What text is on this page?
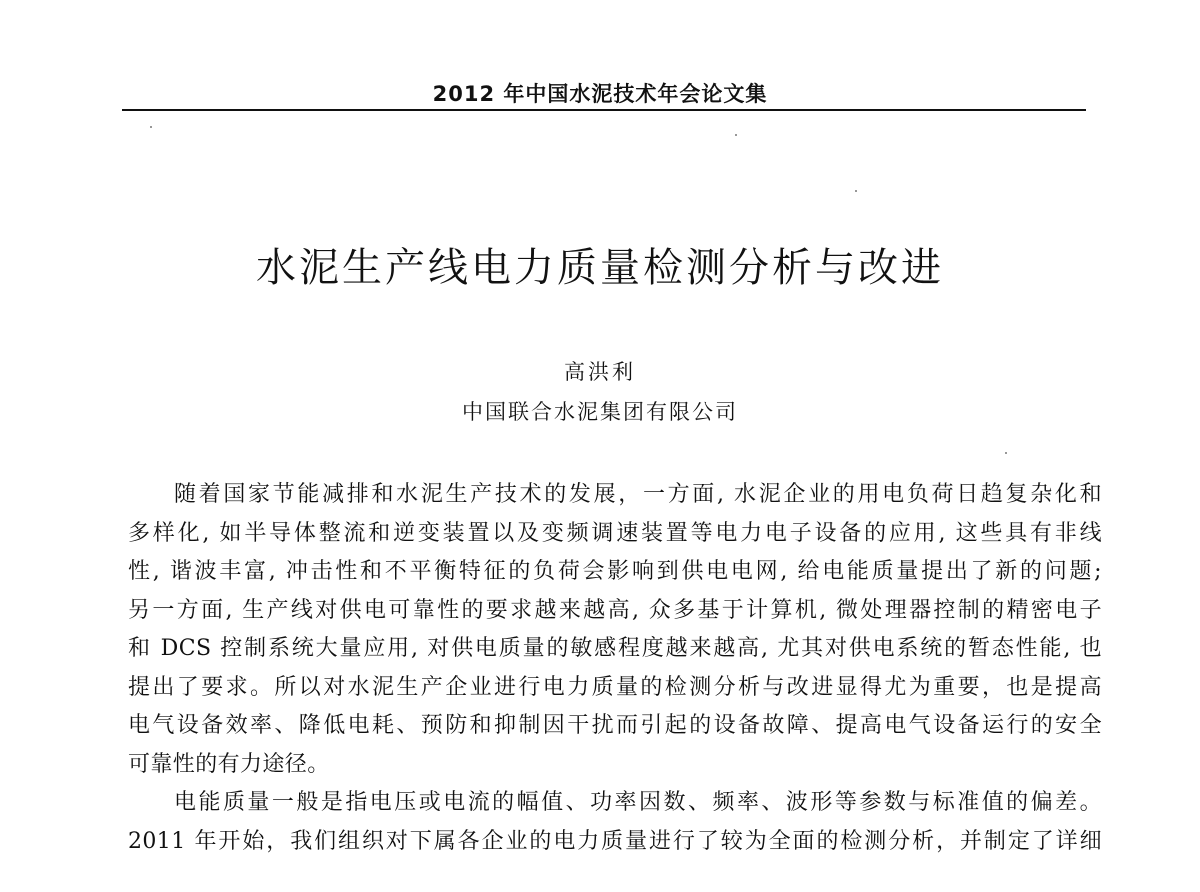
2012 年中国水泥技术年会论文集
水泥生产线电力质量检测分析与改进
高洪利
中国联合水泥集团有限公司
随着国家节能减排和水泥生产技术的发展，一方面, 水泥企业的用电负荷日趋复杂化和
多样化, 如半导体整流和逆变装置以及变频调速装置等电力电子设备的应用, 这些具有非线
性, 谐波丰富, 冲击性和不平衡特征的负荷会影响到供电电网, 给电能质量提出了新的问题;
另一方面, 生产线对供电可靠性的要求越来越高, 众多基于计算机, 微处理器控制的精密电子
和 DCS 控制系统大量应用, 对供电质量的敏感程度越来越高, 尤其对供电系统的暂态性能, 也
提出了要求。所以对水泥生产企业进行电力质量的检测分析与改进显得尤为重要，也是提高
电气设备效率、降低电耗、预防和抑制因干扰而引起的设备故障、提高电气设备运行的安全
可靠性的有力途径。
电能质量一般是指电压或电流的幅值、功率因数、频率、波形等参数与标准值的偏差。
2011 年开始，我们组织对下属各企业的电力质量进行了较为全面的检测分析，并制定了详细
